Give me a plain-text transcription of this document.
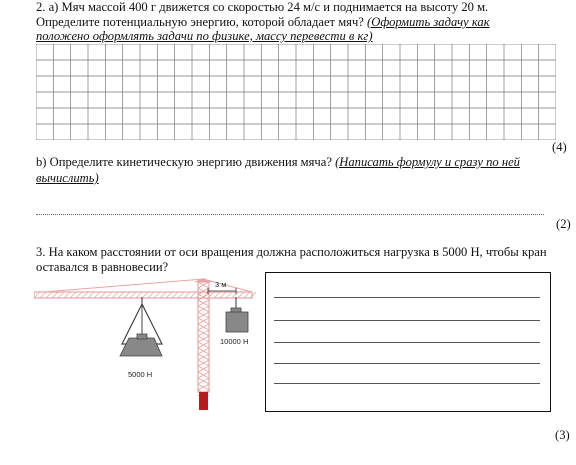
2. а) Мяч массой 400 г движется со скоростью 24 м/с и поднимается на высоту 20 м.
Определите потенциальную энергию, которой обладает мяч? (Оформить задачу как
положено оформлять задачи по физике, массу перевести в кг)
(4)
b) Определите кинетическую энергию движения мяча? (Написать формулу и сразу по ней
вычислить)
(2)
3. На каком расстоянии от оси вращения должна расположиться нагрузка в 5000 Н, чтобы кран
оставался в равновесии?
5000 Н
10000 Н
3 м
(3)
